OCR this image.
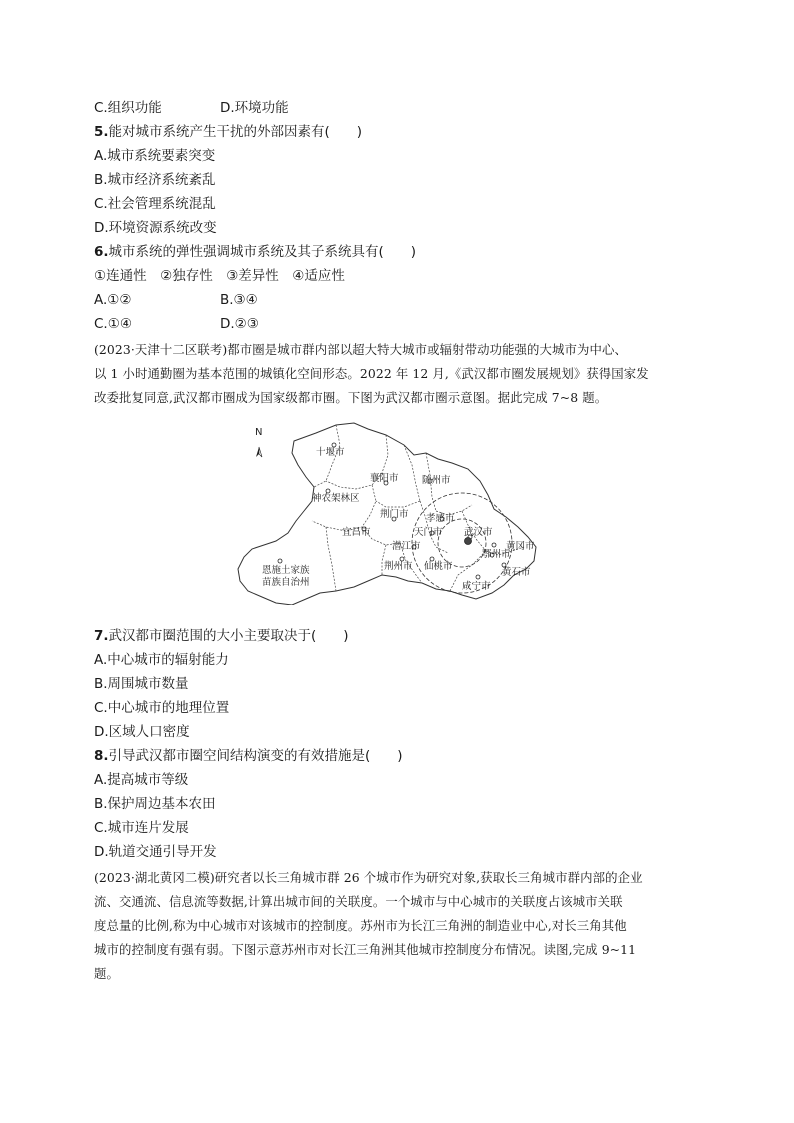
C.组织功能	D.环境功能
5.能对城市系统产生干扰的外部因素有(　　)
A.城市系统要素突变
B.城市经济系统紊乱
C.社会管理系统混乱
D.环境资源系统改变
6.城市系统的弹性强调城市系统及其子系统具有(　　)
①连通性　②独存性　③差异性　④适应性
A.①②	B.③④
C.①④	D.②③
(2023·天津十二区联考)都市圈是城市群内部以超大特大城市或辐射带动功能强的大城市为中心、
以 1 小时通勤圈为基本范围的城镇化空间形态。2022 年 12 月,《武汉都市圈发展规划》获得国家发
改委批复同意,武汉都市圈成为国家级都市圈。下图为武汉都市圈示意图。据此完成 7~8 题。
N
十堰市
襄阳市 随州市
神农架林区
荆门市 孝感市
宜昌市	天门市 武汉市
黄冈市
潜江市
鄂州市
恩施土家族
苗族自治州
荆州市 仙桃市
黄石市
咸宁市
7.武汉都市圈范围的大小主要取决于(　　)
A.中心城市的辐射能力
B.周围城市数量
C.中心城市的地理位置
D.区域人口密度
8.引导武汉都市圈空间结构演变的有效措施是(　　)
A.提高城市等级
B.保护周边基本农田
C.城市连片发展
D.轨道交通引导开发
(2023·湖北黄冈二模)研究者以长三角城市群 26 个城市作为研究对象,获取长三角城市群内部的企业
流、交通流、信息流等数据,计算出城市间的关联度。一个城市与中心城市的关联度占该城市关联
度总量的比例,称为中心城市对该城市的控制度。苏州市为长江三角洲的制造业中心,对长三角其他
城市的控制度有强有弱。下图示意苏州市对长江三角洲其他城市控制度分布情况。读图,完成 9~11
题。
